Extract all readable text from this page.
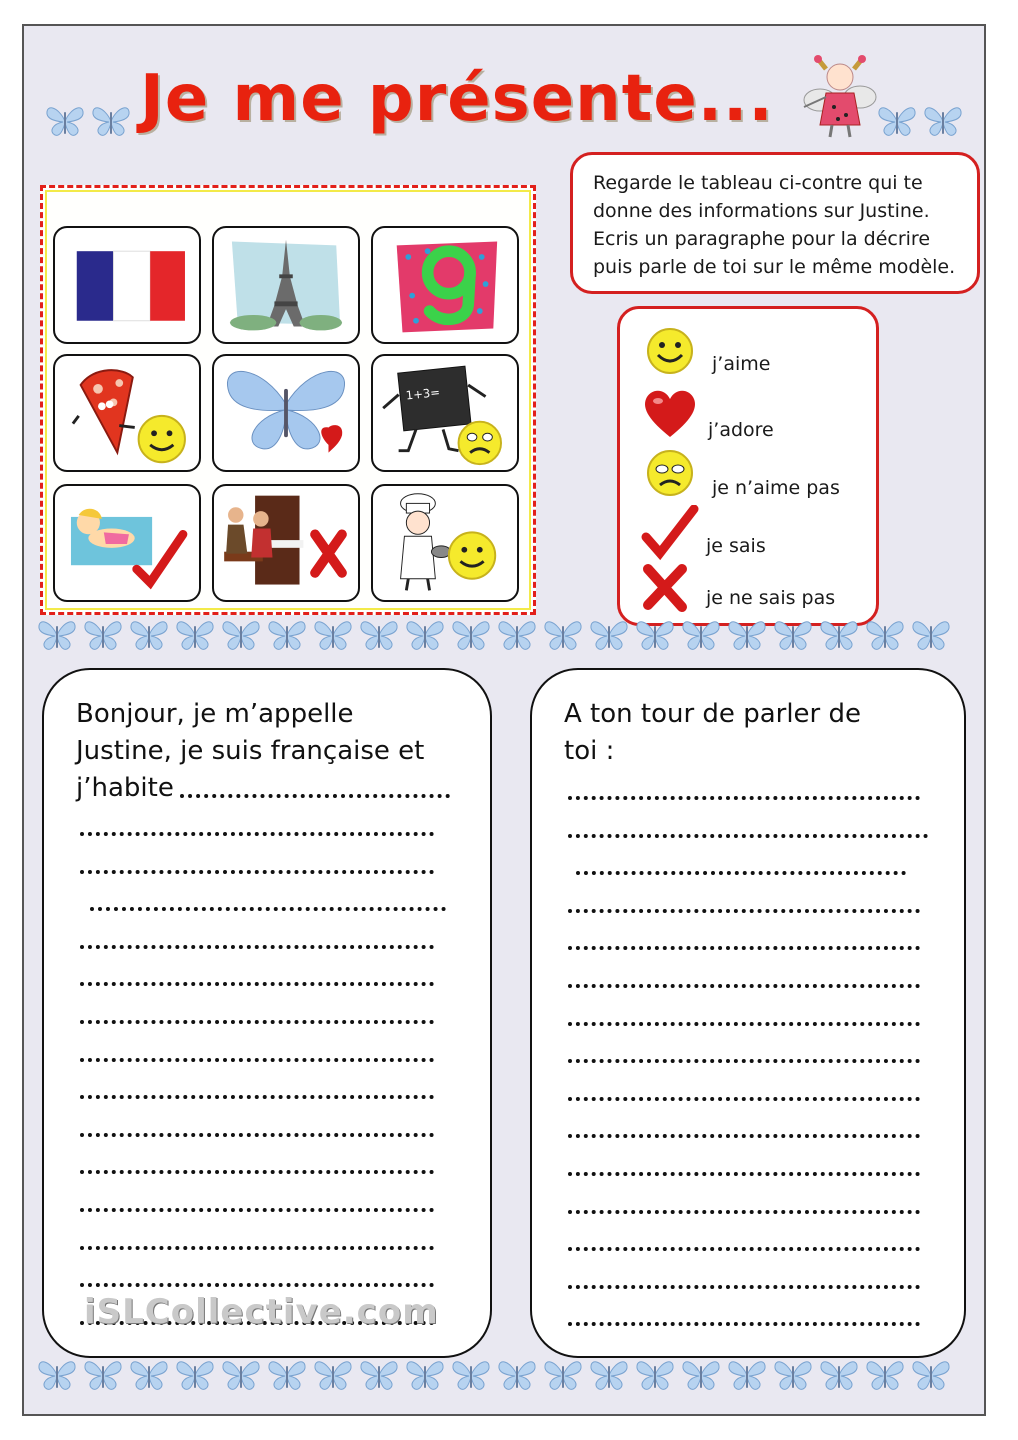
Je me présente...
1+3=
Regarde le tableau ci-contre qui te donne des informations sur Justine. Ecris un paragraphe pour la décrire puis parle de toi sur le même modèle.
j’aime
j’adore
je n’aime pas
je sais
je ne sais pas
Bonjour, je m’appelle
Justine, je suis française et
j’habite
A ton tour de parler de
toi :
iSLCollective.com
